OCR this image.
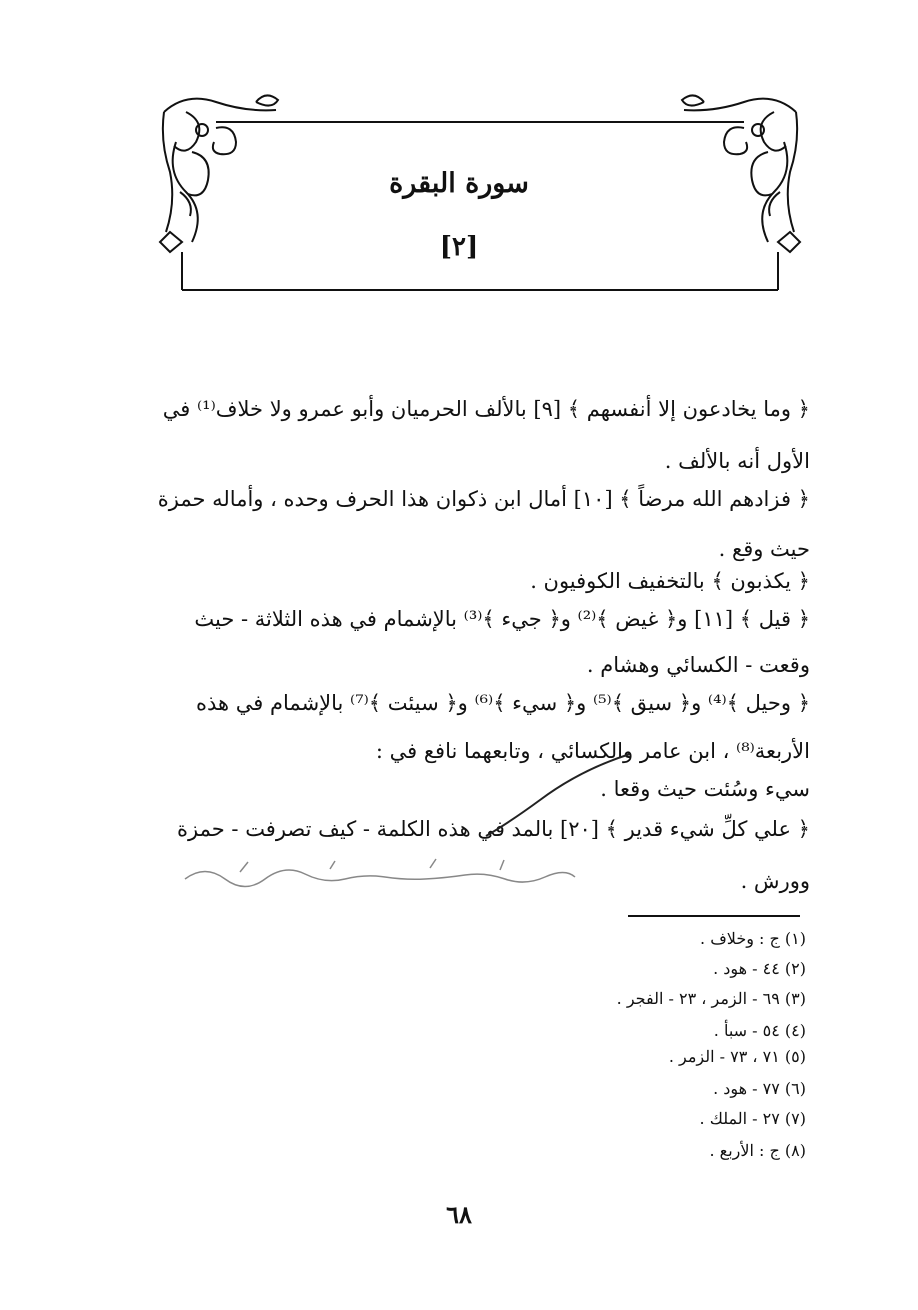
سورة البقرة
[٢]
﴿ وما يخادعون إلا أنفسهم ﴾ [٩] بالألف الحرميان وأبو عمرو ولا خلاف⁽¹⁾ في
الأول أنه بالألف .
﴿ فزادهم الله مرضاً ﴾ [١٠] أمال ابن ذكوان هذا الحرف وحده ، وأماله حمزة
حيث وقع .
﴿ يكذبون ﴾ بالتخفيف الكوفيون .
﴿ قيل ﴾ [١١] و﴿ غيض ﴾⁽²⁾ و﴿ جيء ﴾⁽³⁾ بالإشمام في هذه الثلاثة - حيث
وقعت - الكسائي وهشام .
﴿ وحيل ﴾⁽⁴⁾ و﴿ سيق ﴾⁽⁵⁾ و﴿ سيء ﴾⁽⁶⁾ و﴿ سيئت ﴾⁽⁷⁾ بالإشمام في هذه
الأربعة⁽⁸⁾ ، ابن عامر والكسائي ، وتابعهما نافع في :
سيء وسُئت حيث وقعا .
﴿ علي كلِّ شيء قدير ﴾ [٢٠] بالمد في هذه الكلمة - كيف تصرفت - حمزة
وورش .
(١) ج : وخلاف .
(٢) ٤٤ - هود .
(٣) ٦٩ - الزمر ، ٢٣ - الفجر .
(٤) ٥٤ - سبأ .
(٥) ٧١ ، ٧٣ - الزمر .
(٦) ٧٧ - هود .
(٧) ٢٧ - الملك .
(٨) ج : الأربع .
٦٨
